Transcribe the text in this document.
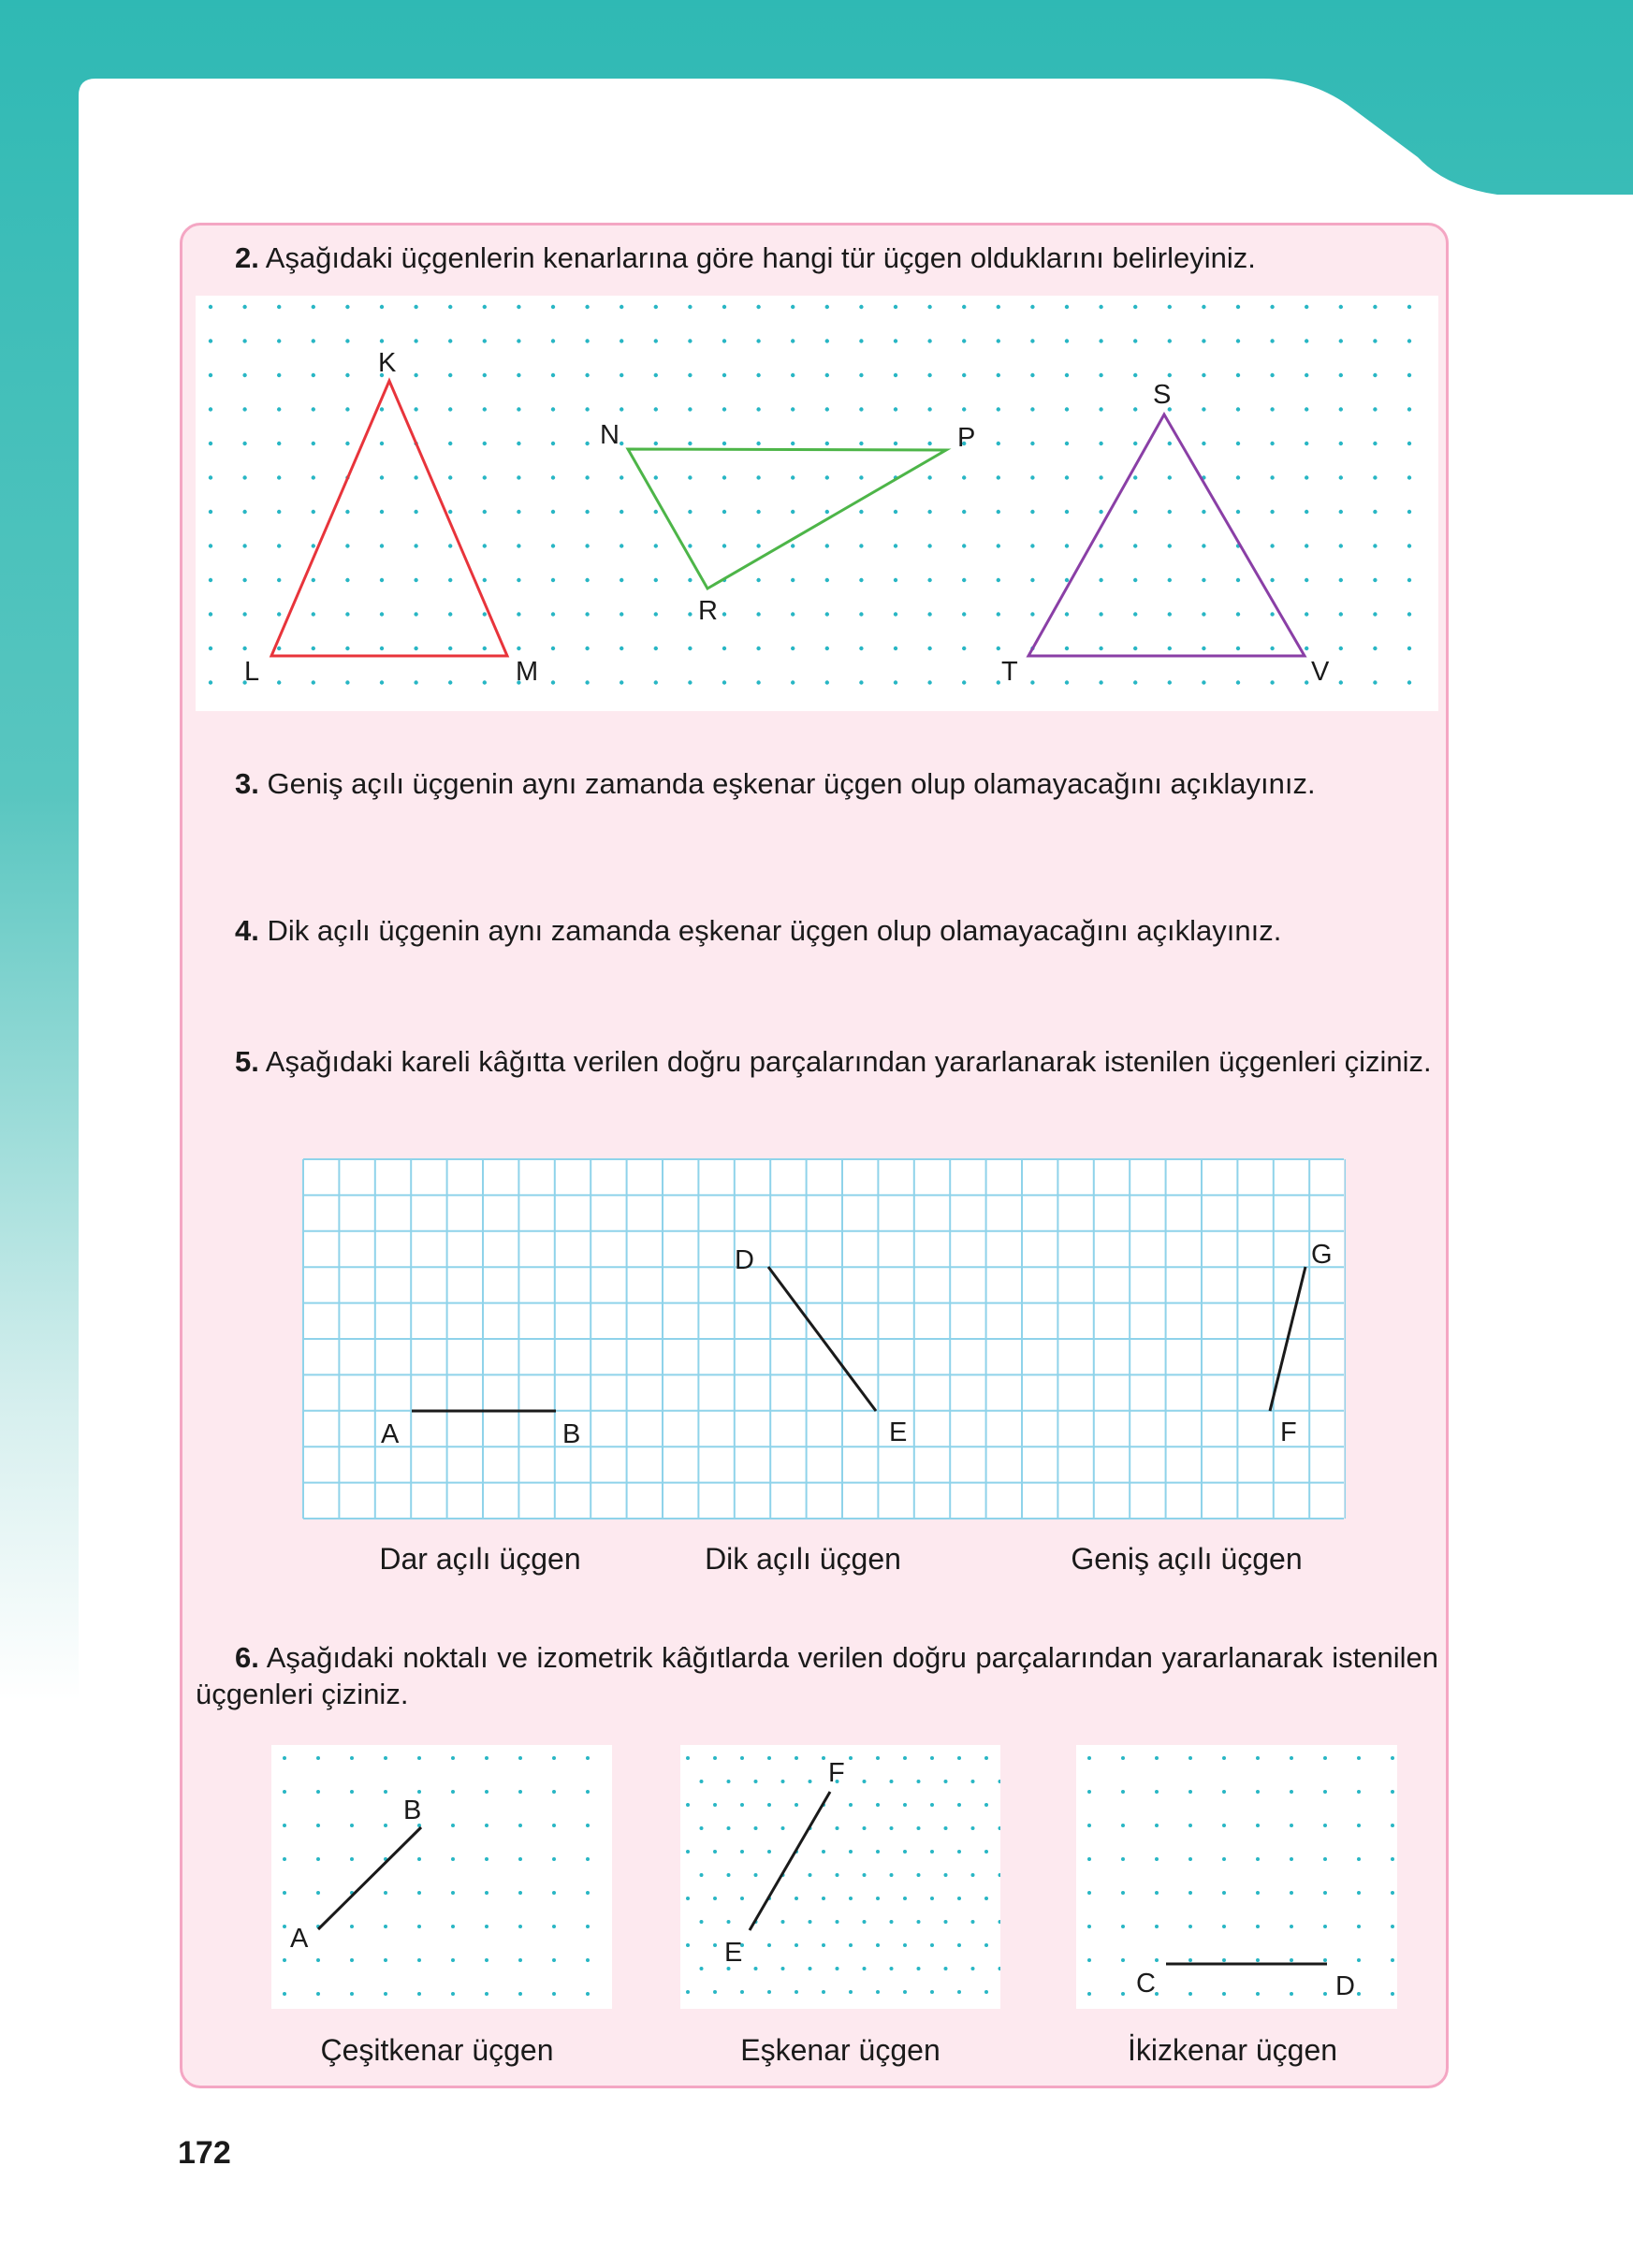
2. Aşağıdaki üçgenlerin kenarlarına göre hangi tür üçgen olduklarını belirleyiniz.

K
L	M
N	P
R
S
T	V

3. Geniş açılı üçgenin aynı zamanda eşkenar üçgen olup olamayacağını açıklayınız.

4. Dik açılı üçgenin aynı zamanda eşkenar üçgen olup olamayacağını açıklayınız.

5. Aşağıdaki kareli kâğıtta verilen doğru parçalarından yararlanarak istenilen üçgenleri çiziniz.

A	B
D
E
G
F
Dar açılı üçgen	Dik açılı üçgen	Geniş açılı üçgen

6. Aşağıdaki noktalı ve izometrik kâğıtlarda verilen doğru parçalarından yararlanarak istenilen üçgenleri çiziniz.

A
B
E
F
C	D
Çeşitkenar üçgen	Eşkenar üçgen	İkizkenar üçgen
172
